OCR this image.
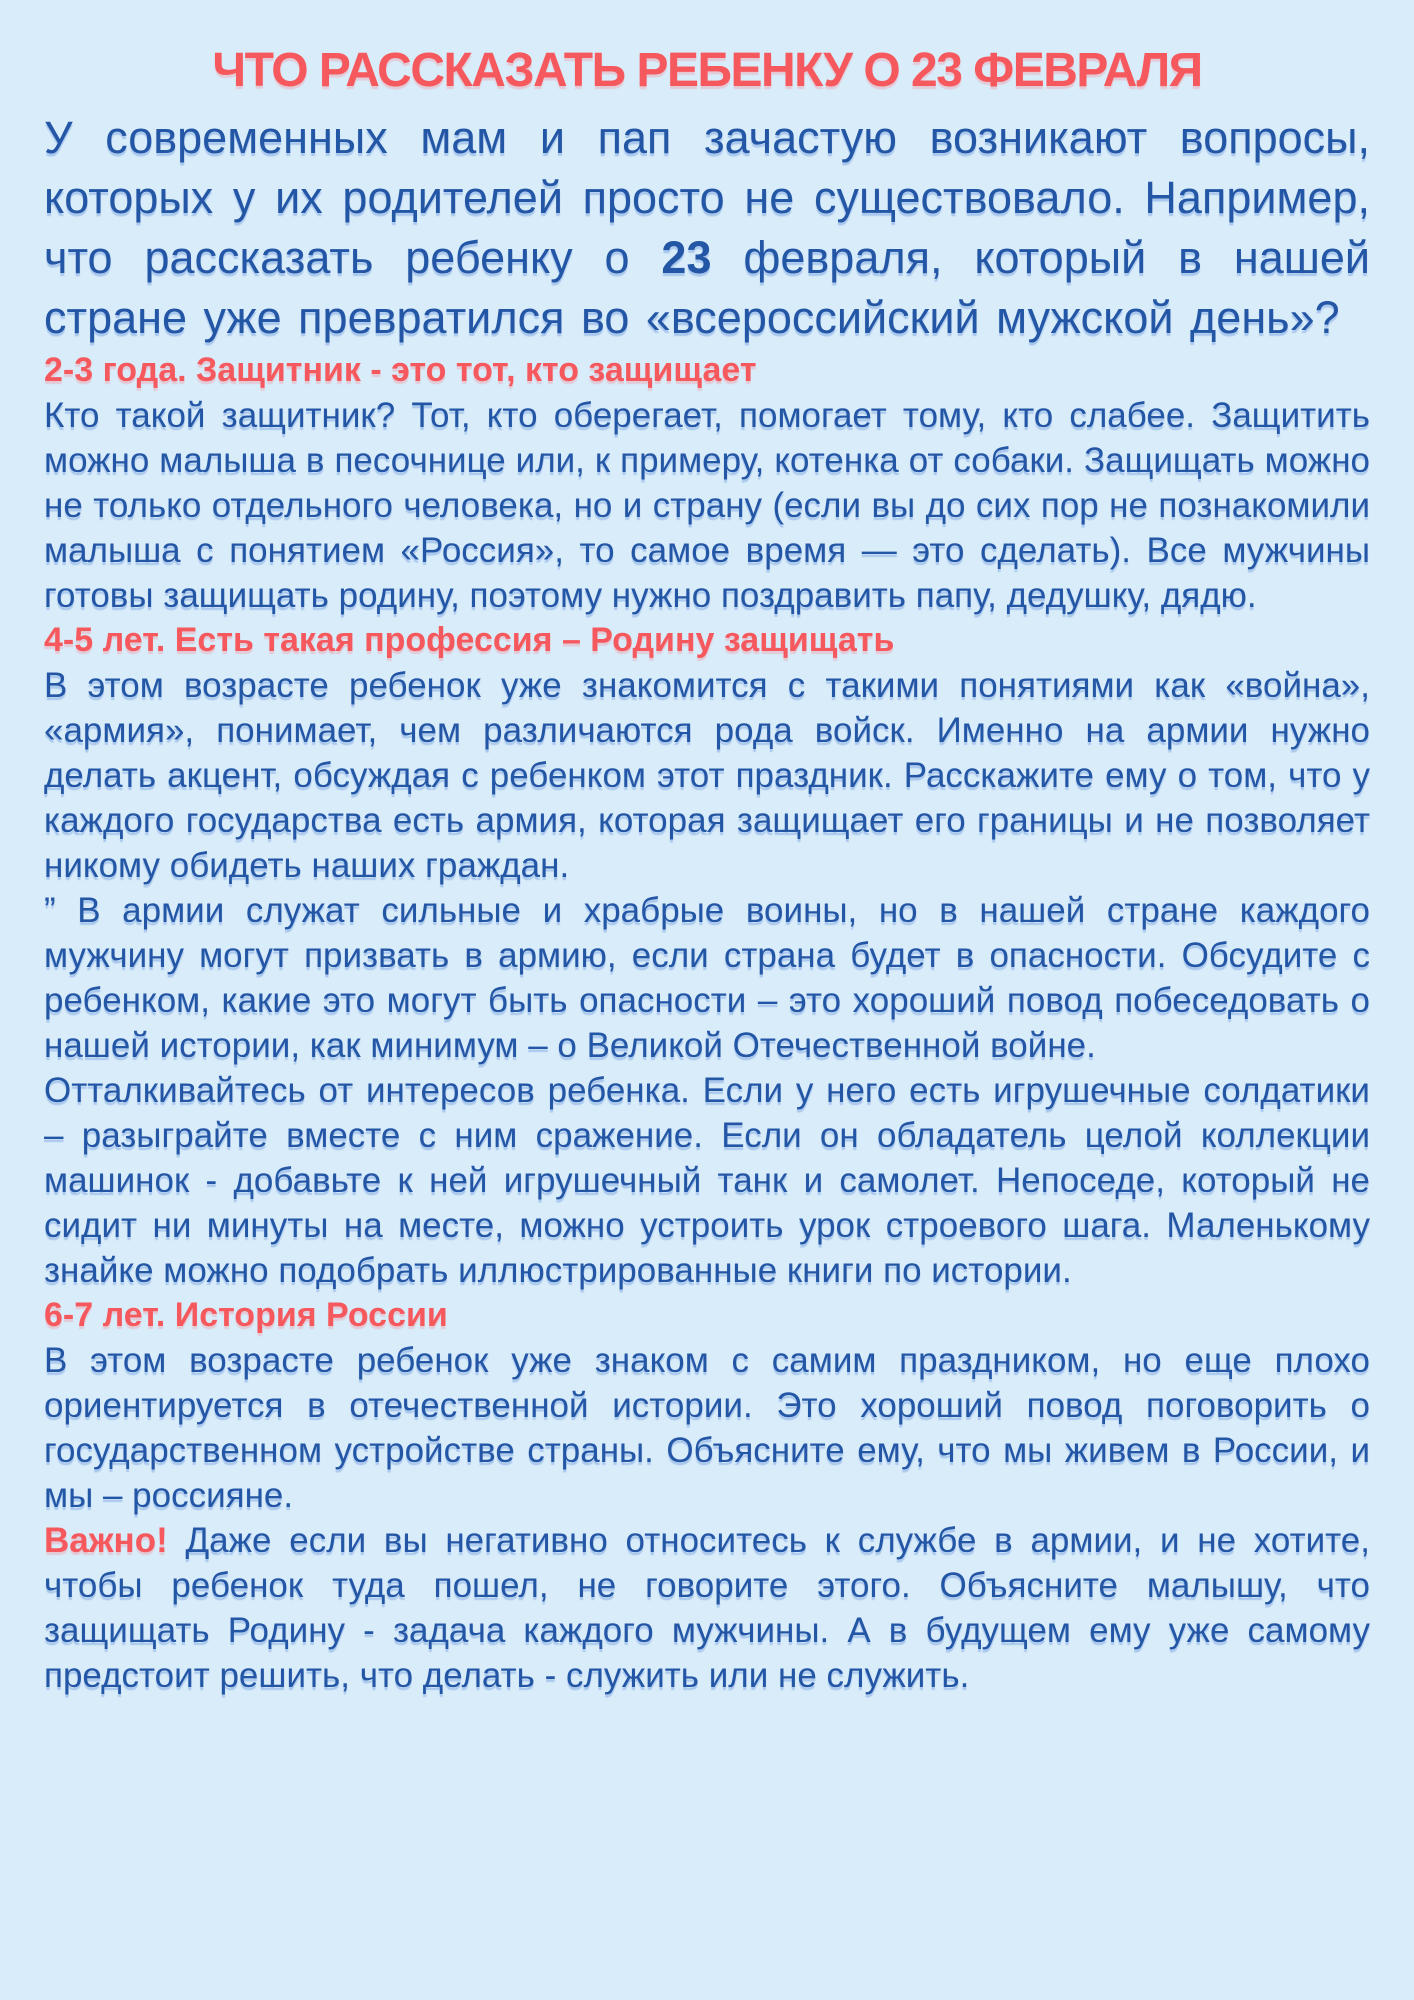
ЧТО РАССКАЗАТЬ РЕБЕНКУ О 23 ФЕВРАЛЯ

У современных мам и пап зачастую возникают вопросы, которых у их родителей просто не существовало. Например, что рассказать ребенку о 23 февраля, который в нашей стране уже превратился во «всероссийский мужской день»?

2-3 года. Защитник - это тот, кто защищает

Кто такой защитник? Тот, кто оберегает, помогает тому, кто слабее. Защитить можно малыша в песочнице или, к примеру, котенка от собаки. Защищать можно не только отдельного человека, но и страну (если вы до сих пор не познакомили малыша с понятием «Россия», то самое время — это сделать). Все мужчины готовы защищать родину, поэтому нужно поздравить папу, дедушку, дядю.

4-5 лет. Есть такая профессия – Родину защищать

В этом возрасте ребенок уже знакомится с такими понятиями как «война», «армия», понимает, чем различаются рода войск. Именно на армии нужно делать акцент, обсуждая с ребенком этот праздник. Расскажите ему о том, что у каждого государства есть армия, которая защищает его границы и не позволяет никому обидеть наших граждан.

” В армии служат сильные и храбрые воины, но в нашей стране каждого мужчину могут призвать в армию, если страна будет в опасности. Обсудите с ребенком, какие это могут быть опасности – это хороший повод побеседовать о нашей истории, как минимум – о Великой Отечественной войне.

Отталкивайтесь от интересов ребенка. Если у него есть игрушечные солдатики – разыграйте вместе с ним сражение. Если он обладатель целой коллекции машинок - добавьте к ней игрушечный танк и самолет. Непоседе, который не сидит ни минуты на месте, можно устроить урок строевого шага. Маленькому знайке можно подобрать иллюстрированные книги по истории.

6-7 лет. История России

В этом возрасте ребенок уже знаком с самим праздником, но еще плохо ориентируется в отечественной истории. Это хороший повод поговорить о государственном устройстве страны. Объясните ему, что мы живем в России, и мы – россияне.

Важно! Даже если вы негативно относитесь к службе в армии, и не хотите, чтобы ребенок туда пошел, не говорите этого. Объясните малышу, что защищать Родину - задача каждого мужчины. А в будущем ему уже самому предстоит решить, что делать - служить или не служить.
